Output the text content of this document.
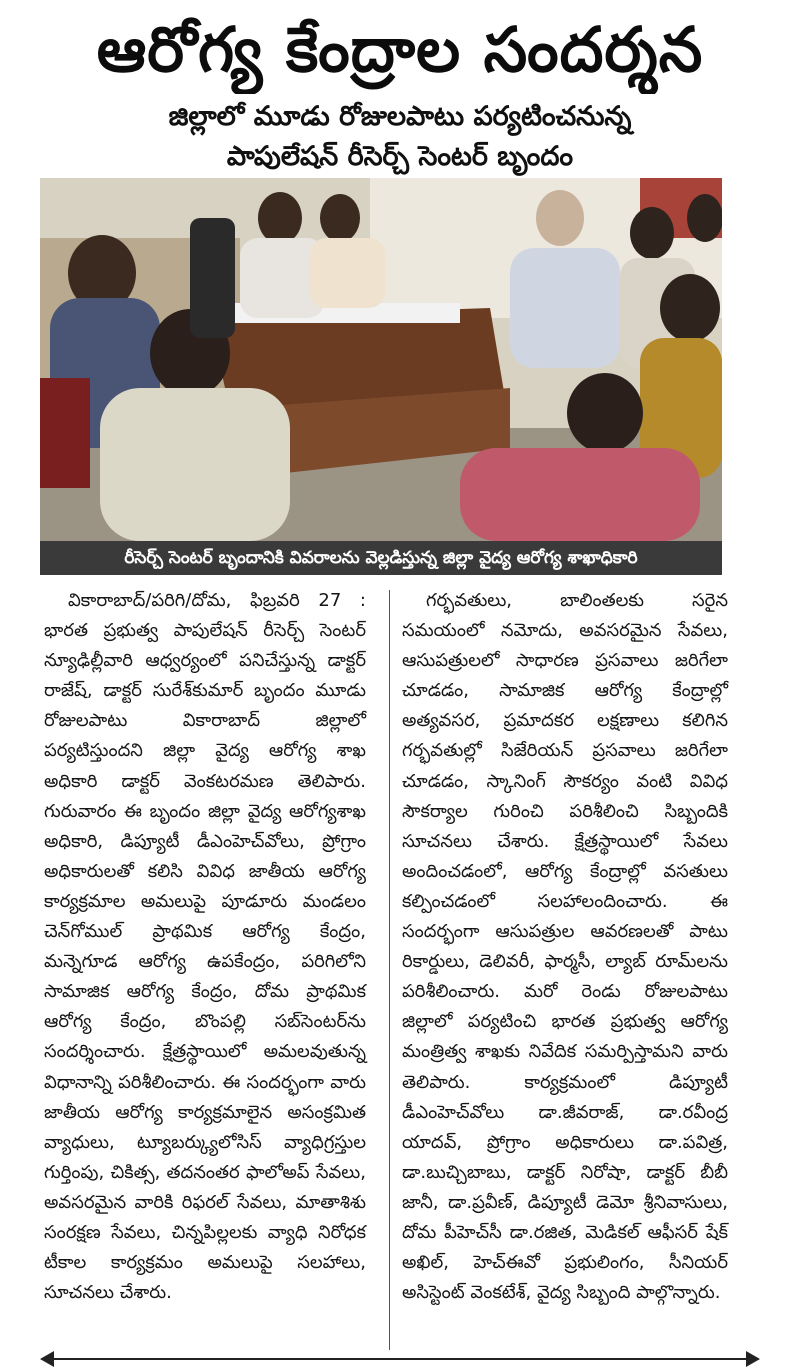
ఆరోగ్య కేంద్రాల సందర్శన
జిల్లాలో మూడు రోజులపాటు పర్యటించనున్న
పాపులేషన్ రీసెర్చ్ సెంటర్ బృందం
రీసెర్చ్ సెంటర్ బృందానికి వివరాలను వెల్లడిస్తున్న జిల్లా వైద్య ఆరోగ్య శాఖాధికారి

వికారాబాద్/పరిగి/దోమ, ఫిబ్రవరి 27 : భారత ప్రభుత్వ పాపులేషన్ రీసెర్చ్ సెంటర్ న్యూఢిల్లీవారి ఆధ్వర్యంలో పనిచేస్తున్న డాక్టర్ రాజేష్, డాక్టర్ సురేశ్‌కుమార్ బృందం మూడు రోజులపాటు వికారాబాద్ జిల్లాలో పర్యటిస్తుందని జిల్లా వైద్య ఆరోగ్య శాఖ అధికారి డాక్టర్ వెంకటరమణ తెలిపారు. గురువారం ఈ బృందం జిల్లా వైద్య ఆరోగ్యశాఖ అధికారి, డిప్యూటీ డీఎంహెచ్‌వోలు, ప్రోగ్రాం అధికారులతో కలిసి వివిధ జాతీయ ఆరోగ్య కార్యక్రమాల అమలుపై పూడూరు మండలం చెన్‌గోముల్ ప్రాథమిక ఆరోగ్య కేంద్రం, మన్నెగూడ ఆరోగ్య ఉపకేంద్రం, పరిగిలోని సామాజిక ఆరోగ్య కేంద్రం, దోమ ప్రాథమిక ఆరోగ్య కేంద్రం, బొంపల్లి సబ్‌సెంటర్‌ను సందర్శించారు. క్షేత్రస్థాయిలో అమలవుతున్న విధానాన్ని పరిశీలించారు. ఈ సందర్భంగా వారు జాతీయ ఆరోగ్య కార్యక్రమాలైన అసంక్రమిత వ్యాధులు, ట్యూబర్క్యులోసిస్ వ్యాధిగ్రస్తుల గుర్తింపు, చికిత్స, తదనంతర ఫాలోఅప్ సేవలు, అవసరమైన వారికి రిఫరల్ సేవలు, మాతాశిశు సంరక్షణ సేవలు, చిన్నపిల్లలకు వ్యాధి నిరోధక టీకాల కార్యక్రమం అమలుపై సలహాలు, సూచనలు చేశారు.

గర్భవతులు, బాలింతలకు సరైన సమయంలో నమోదు, అవసరమైన సేవలు, ఆసుపత్రులలో సాధారణ ప్రసవాలు జరిగేలా చూడడం, సామాజిక ఆరోగ్య కేంద్రాల్లో అత్యవసర, ప్రమాదకర లక్షణాలు కలిగిన గర్భవతుల్లో సిజేరియన్ ప్రసవాలు జరిగేలా చూడడం, స్కానింగ్ సౌకర్యం వంటి వివిధ సౌకర్యాల గురించి పరిశీలించి సిబ్బందికి సూచనలు చేశారు. క్షేత్రస్థాయిలో సేవలు అందించడంలో, ఆరోగ్య కేంద్రాల్లో వసతులు కల్పించడంలో సలహాలందించారు. ఈ సందర్భంగా ఆసుపత్రుల ఆవరణలతో పాటు రికార్డులు, డెలివరీ, ఫార్మసీ, ల్యాబ్ రూమ్‌లను పరిశీలించారు. మరో రెండు రోజులపాటు జిల్లాలో పర్యటించి భారత ప్రభుత్వ ఆరోగ్య మంత్రిత్వ శాఖకు నివేదిక సమర్పిస్తామని వారు తెలిపారు. కార్యక్రమంలో డిప్యూటీ డీఎంహెచ్‌వోలు డా.జీవరాజ్, డా.రవీంద్ర యాదవ్, ప్రోగ్రాం అధికారులు డా.పవిత్ర, డా.బుచ్చిబాబు, డాక్టర్ నిరోషా, డాక్టర్ బీబీ జానీ, డా.ప్రవీణ్, డిప్యూటీ డెమో శ్రీనివాసులు, దోమ పీహెచ్‌సీ డా.రజిత, మెడికల్ ఆఫీసర్ షేక్ అఖిల్, హెచ్‌ఈవో ప్రభులింగం, సీనియర్ అసిస్టెంట్ వెంకటేశ్, వైద్య సిబ్బంది పాల్గొన్నారు.
